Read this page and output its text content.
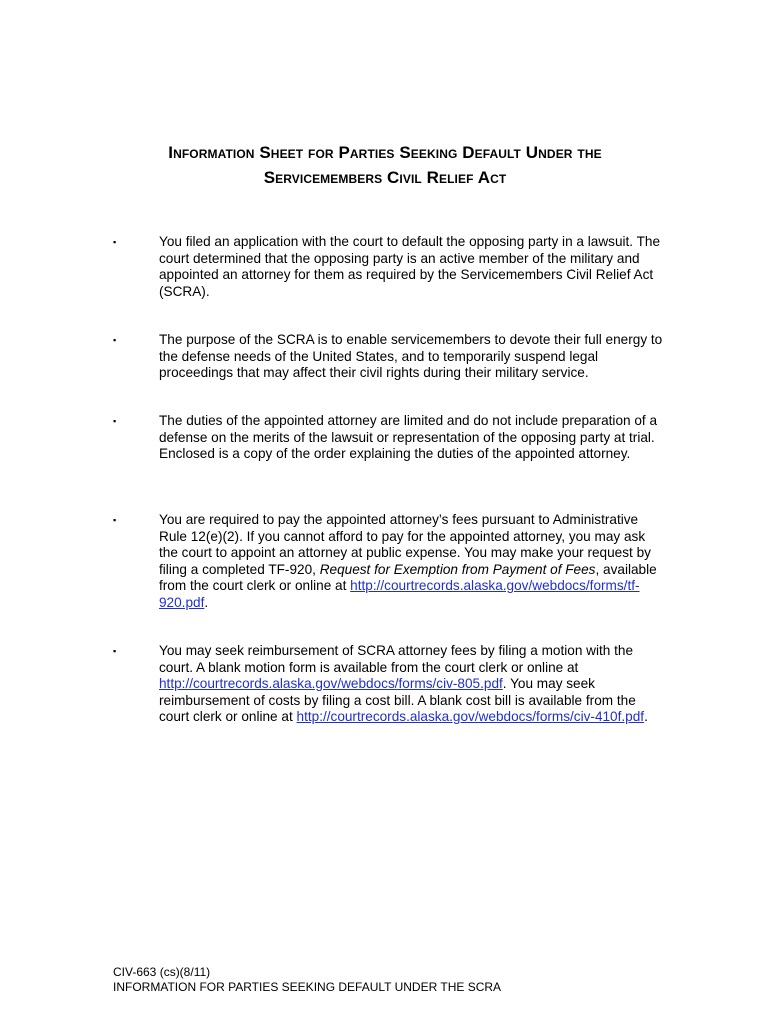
Information Sheet for Parties Seeking Default Under the
Servicemembers Civil Relief Act
▪	You filed an application with the court to default the opposing party in a lawsuit. The court determined that the opposing party is an active member of the military and appointed an attorney for them as required by the Servicemembers Civil Relief Act (SCRA).
▪	The purpose of the SCRA is to enable servicemembers to devote their full energy to the defense needs of the United States, and to temporarily suspend legal proceedings that may affect their civil rights during their military service.
▪	The duties of the appointed attorney are limited and do not include preparation of a defense on the merits of the lawsuit or representation of the opposing party at trial. Enclosed is a copy of the order explaining the duties of the appointed attorney.
▪	You are required to pay the appointed attorney’s fees pursuant to Administrative Rule 12(e)(2). If you cannot afford to pay for the appointed attorney, you may ask the court to appoint an attorney at public expense. You may make your request by filing a completed TF-920, Request for Exemption from Payment of Fees, available from the court clerk or online at http://courtrecords.alaska.gov/webdocs/forms/tf-920.pdf.
▪	You may seek reimbursement of SCRA attorney fees by filing a motion with the court. A blank motion form is available from the court clerk or online at http://courtrecords.alaska.gov/webdocs/forms/civ-805.pdf. You may seek reimbursement of costs by filing a cost bill. A blank cost bill is available from the court clerk or online at http://courtrecords.alaska.gov/webdocs/forms/civ-410f.pdf.
CIV-663 (cs)(8/11)
INFORMATION FOR PARTIES SEEKING DEFAULT UNDER THE SCRA
